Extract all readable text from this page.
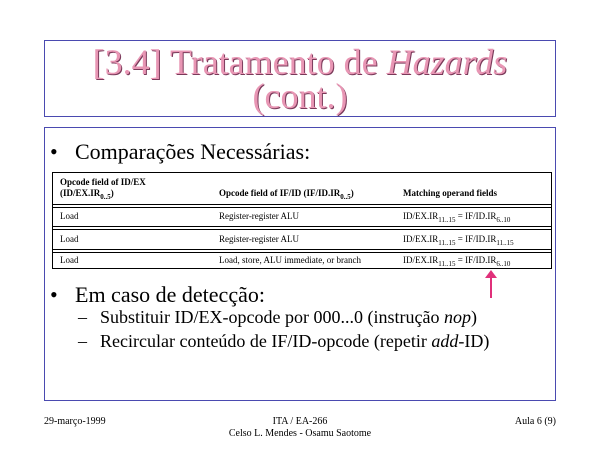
[3.4] Tratamento de Hazards
(cont.)
• Comparações Necessárias:
Opcode field of ID/EX
$(ID/EX.IR_{0..5})$	Opcode field of IF/ID $(IF/ID.IR_{0..5})$	Matching operand fields
Load	Register-register ALU	$ID/EX.IR_{11..15} = IF/ID.IR_{6..10}$
Load	Register-register ALU	$ID/EX.IR_{11..15} = IF/ID.IR_{11..15}$
Load	Load, store, ALU immediate, or branch	$ID/EX.IR_{11..15} = IF/ID.IR_{6..10}$
• Em caso de detecção:
– Substituir ID/EX-opcode por 000...0 (instrução nop)
– Recircular conteúdo de IF/ID-opcode (repetir add-ID)
29-março-1999	ITA / EA-266
Celso L. Mendes - Osamu Saotome
Aula 6 (9)
